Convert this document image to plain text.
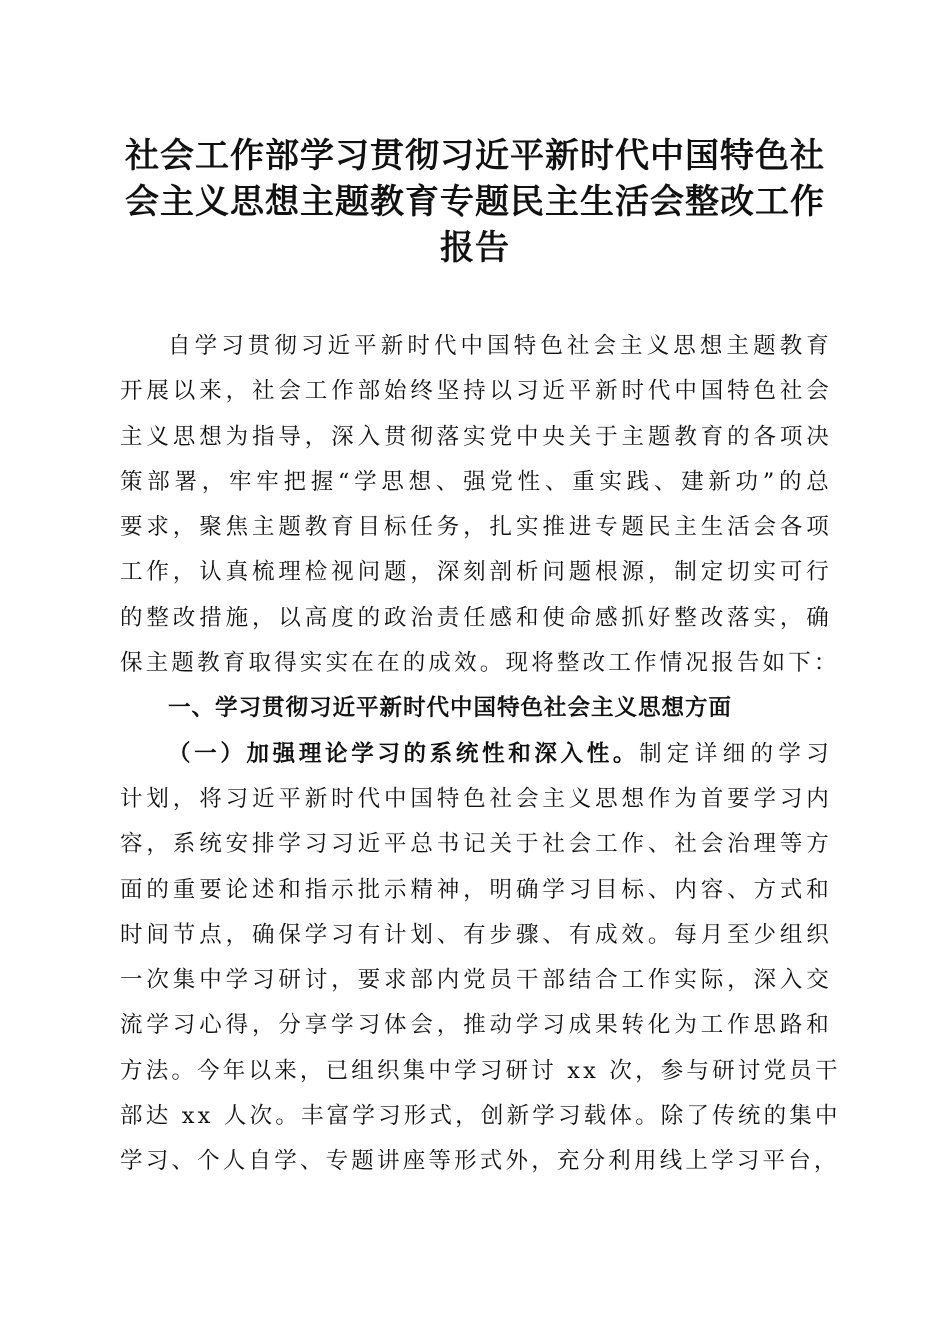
社会工作部学习贯彻习近平新时代中国特色社
会主义思想主题教育专题民主生活会整改工作
报告

自学习贯彻习近平新时代中国特色社会主义思想主题教育
开展以来，社会工作部始终坚持以习近平新时代中国特色社会
主义思想为指导，深入贯彻落实党中央关于主题教育的各项决
策部署，牢牢把握“学思想、强党性、重实践、建新功”的总
要求，聚焦主题教育目标任务，扎实推进专题民主生活会各项
工作，认真梳理检视问题，深刻剖析问题根源，制定切实可行
的整改措施，以高度的政治责任感和使命感抓好整改落实，确
保主题教育取得实实在在的成效。现将整改工作情况报告如下：

一、学习贯彻习近平新时代中国特色社会主义思想方面

（一）加强理论学习的系统性和深入性。制定详细的学习
计划，将习近平新时代中国特色社会主义思想作为首要学习内
容，系统安排学习习近平总书记关于社会工作、社会治理等方
面的重要论述和指示批示精神，明确学习目标、内容、方式和
时间节点，确保学习有计划、有步骤、有成效。每月至少组织
一次集中学习研讨，要求部内党员干部结合工作实际，深入交
流学习心得，分享学习体会，推动学习成果转化为工作思路和
方法。今年以来，已组织集中学习研讨 xx 次，参与研讨党员干
部达 xx 人次。丰富学习形式，创新学习载体。除了传统的集中
学习、个人自学、专题讲座等形式外，充分利用线上学习平台，
